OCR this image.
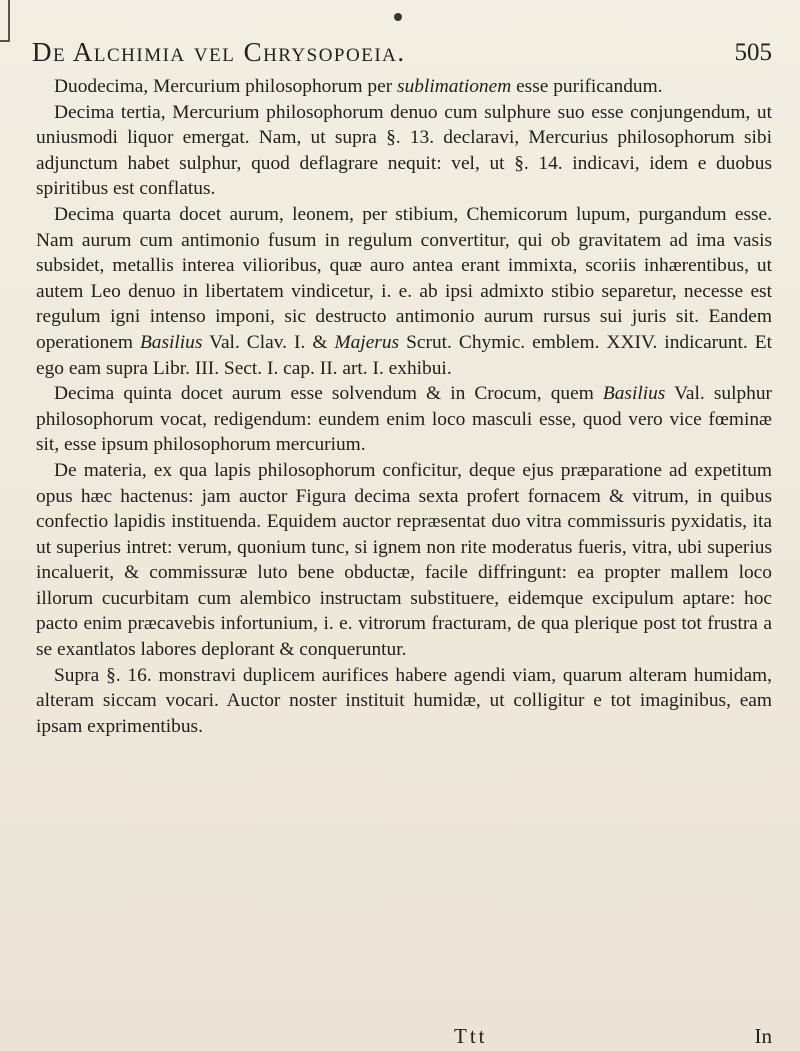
De Alchimia vel Chrysopoeia.	505

Duodecima, Mercurium philosophorum per sublimationem esse purificandum.

Decima tertia, Mercurium philosophorum denuo cum sulphure suo esse conjungendum, ut uniusmodi liquor emergat. Nam, ut supra §. 13. declaravi, Mercurius philosophorum sibi adjunctum habet sulphur, quod deflagrare nequit: vel, ut §. 14. indicavi, idem e duobus spiritibus est conflatus.

Decima quarta docet aurum, leonem, per stibium, Chemicorum lupum, purgandum esse. Nam aurum cum antimonio fusum in regulum convertitur, qui ob gravitatem ad ima vasis subsidet, metallis interea vilioribus, quæ auro antea erant immixta, scoriis inhærentibus, ut autem Leo denuo in libertatem vindicetur, i. e. ab ipsi admixto stibio separetur, necesse est regulum igni intenso imponi, sic destructo antimonio aurum rursus sui juris sit. Eandem operationem Basilius Val. Clav. I. & Majerus Scrut. Chymic. emblem. XXIV. indicarunt. Et ego eam supra Libr. III. Sect. I. cap. II. art. I. exhibui.

Decima quinta docet aurum esse solvendum & in Crocum, quem Basilius Val. sulphur philosophorum vocat, redigendum: eundem enim loco masculi esse, quod vero vice fœminæ sit, esse ipsum philosophorum mercurium.

De materia, ex qua lapis philosophorum conficitur, deque ejus præparatione ad expetitum opus hæc hactenus: jam auctor Figura decima sexta profert fornacem & vitrum, in quibus confectio lapidis instituenda. Equidem auctor repræsentat duo vitra commissuris pyxidatis, ita ut superius intret: verum, quonium tunc, si ignem non rite moderatus fueris, vitra, ubi superius incaluerit, & commissuræ luto bene obductæ, facile diffringunt: ea propter mallem loco illorum cucurbitam cum alembico instructam substituere, eidemque excipulum aptare: hoc pacto enim præcavebis infortunium, i. e. vitrorum fracturam, de qua plerique post tot frustra a se exantlatos labores deplorant & conqueruntur.

Supra §. 16. monstravi duplicem aurifices habere agendi viam, quarum alteram humidam, alteram siccam vocari. Auctor noster instituit humidæ, ut colligitur e tot imaginibus, eam ipsam exprimentibus.

Ttt	In
